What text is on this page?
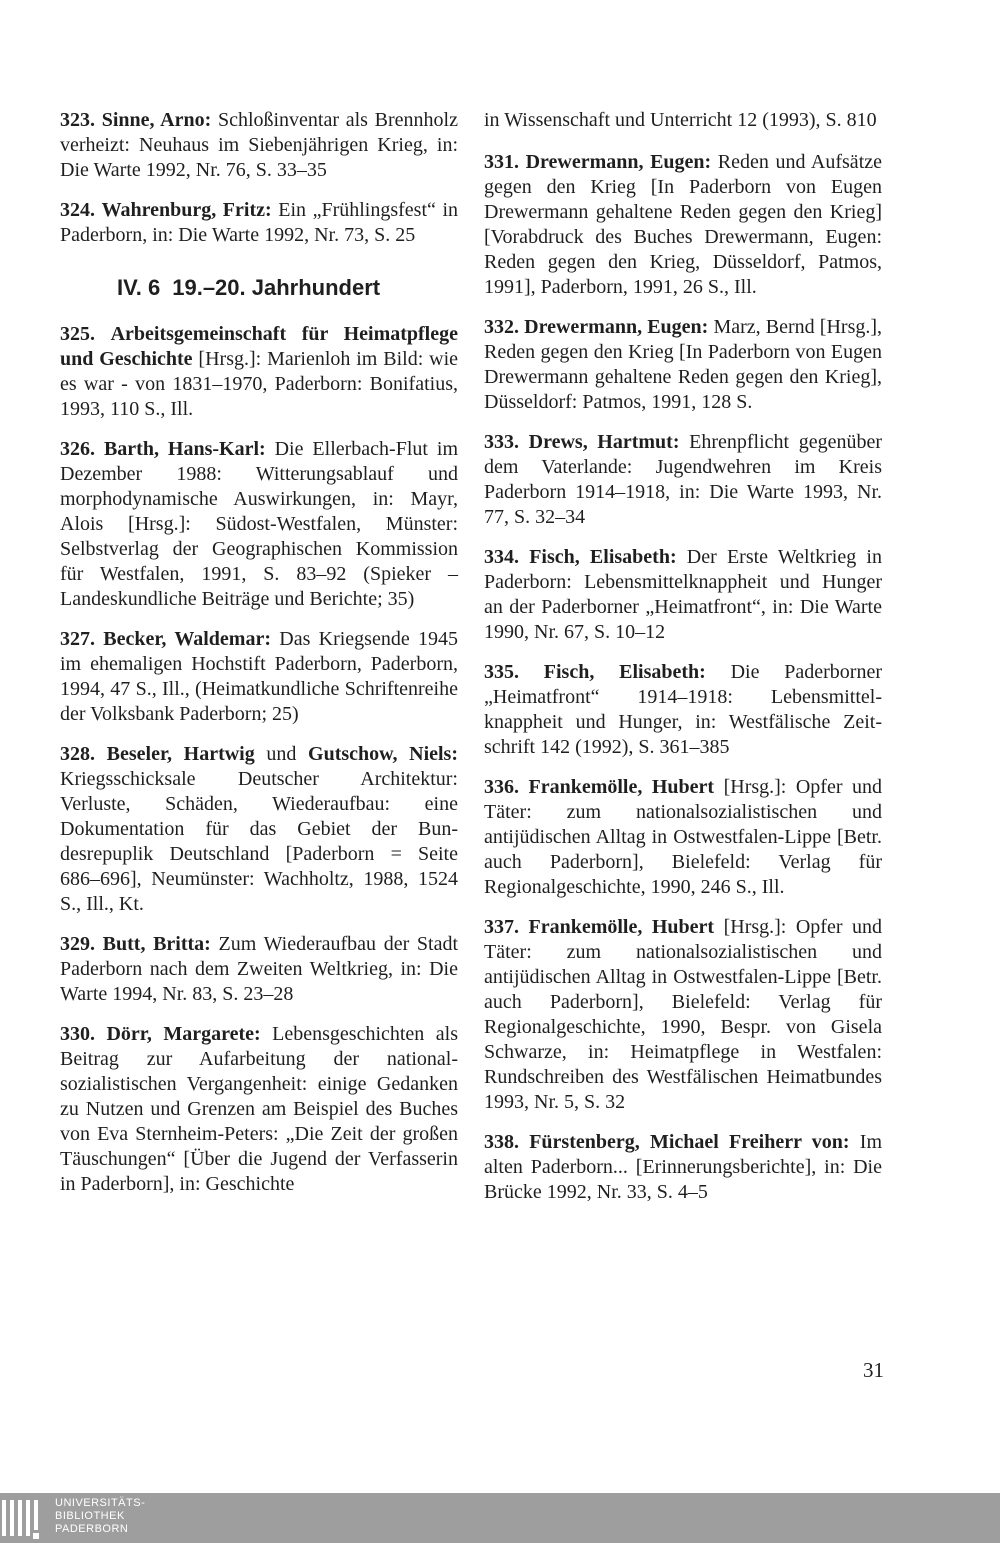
323. Sinne, Arno: Schloßinventar als Brennholz verheizt: Neuhaus im Siebenjährigen Krieg, in: Die Warte 1992, Nr. 76, S. 33–35

324. Wahrenburg, Fritz: Ein „Frühlingsfest“ in Paderborn, in: Die Warte 1992, Nr. 73, S. 25

IV. 6 19.–20. Jahrhundert

325. Arbeitsgemeinschaft für Heimatpflege und Geschichte [Hrsg.]: Marienloh im Bild: wie es war - von 1831–1970, Paderborn: Bonifatius, 1993, 110 S., Ill.

326. Barth, Hans-Karl: Die Ellerbach-Flut im Dezember 1988: Witterungsablauf und morphodynamische Auswirkungen, in: Mayr, Alois [Hrsg.]: Südost-Westfalen, Münster: Selbstverlag der Geographischen Kommission für Westfalen, 1991, S. 83–92 (Spieker – Landeskundliche Beiträge und Berichte; 35)

327. Becker, Waldemar: Das Kriegsende 1945 im ehemaligen Hochstift Paderborn, Paderborn, 1994, 47 S., Ill., (Heimatkundliche Schriftenreihe der Volksbank Paderborn; 25)

328. Beseler, Hartwig und Gutschow, Niels: Kriegsschicksale Deutscher Architektur: Verluste, Schäden, Wiederaufbau: eine Dokumentation für das Gebiet der Bundesrepuplik Deutschland [Paderborn = Seite 686–696], Neumünster: Wachholtz, 1988, 1524 S., Ill., Kt.

329. Butt, Britta: Zum Wiederaufbau der Stadt Paderborn nach dem Zweiten Weltkrieg, in: Die Warte 1994, Nr. 83, S. 23–28

330. Dörr, Margarete: Lebensgeschichten als Beitrag zur Aufarbeitung der nationalsozialistischen Vergangenheit: einige Gedanken zu Nutzen und Grenzen am Beispiel des Buches von Eva Sternheim-Peters: „Die Zeit der großen Täuschungen“ [Über die Jugend der Verfasserin in Paderborn], in: Geschichte

in Wissenschaft und Unterricht 12 (1993), S. 810

331. Drewermann, Eugen: Reden und Aufsätze gegen den Krieg [In Paderborn von Eugen Drewermann gehaltene Reden gegen den Krieg] [Vorabdruck des Buches Drewermann, Eugen: Reden gegen den Krieg, Düsseldorf, Patmos, 1991], Paderborn, 1991, 26 S., Ill.

332. Drewermann, Eugen: Marz, Bernd [Hrsg.], Reden gegen den Krieg [In Paderborn von Eugen Drewermann gehaltene Reden gegen den Krieg], Düsseldorf: Patmos, 1991, 128 S.

333. Drews, Hartmut: Ehrenpflicht gegenüber dem Vaterlande: Jugendwehren im Kreis Paderborn 1914–1918, in: Die Warte 1993, Nr. 77, S. 32–34

334. Fisch, Elisabeth: Der Erste Weltkrieg in Paderborn: Lebensmittelknappheit und Hunger an der Paderborner „Heimatfront“, in: Die Warte 1990, Nr. 67, S. 10–12

335. Fisch, Elisabeth: Die Paderborner „Heimatfront“ 1914–1918: Lebensmittelknappheit und Hunger, in: Westfälische Zeitschrift 142 (1992), S. 361–385

336. Frankemölle, Hubert [Hrsg.]: Opfer und Täter: zum nationalsozialistischen und antijüdischen Alltag in Ostwestfalen-Lippe [Betr. auch Paderborn], Bielefeld: Verlag für Regionalgeschichte, 1990, 246 S., Ill.

337. Frankemölle, Hubert [Hrsg.]: Opfer und Täter: zum nationalsozialistischen und antijüdischen Alltag in Ostwestfalen-Lippe [Betr. auch Paderborn], Bielefeld: Verlag für Regionalgeschichte, 1990, Bespr. von Gisela Schwarze, in: Heimatpflege in Westfalen: Rundschreiben des Westfälischen Heimatbundes 1993, Nr. 5, S. 32

338. Fürstenberg, Michael Freiherr von: Im alten Paderborn... [Erinnerungsberichte], in: Die Brücke 1992, Nr. 33, S. 4–5

31
UNIVERSITÄTS-
BIBLIOTHEK
PADERBORN
